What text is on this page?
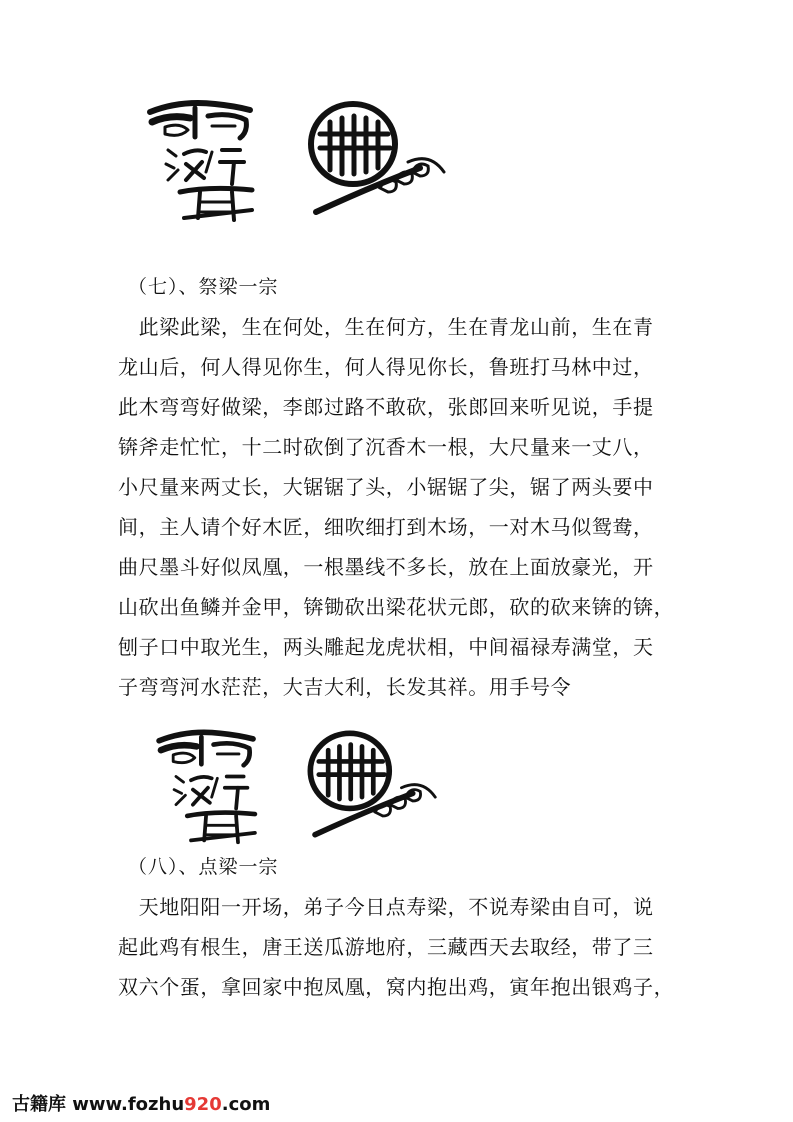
（七）、祭梁一宗
　此梁此梁，生在何处，生在何方，生在青龙山前，生在青
龙山后，何人得见你生，何人得见你长，鲁班打马林中过，
此木弯弯好做梁，李郎过路不敢砍，张郎回来听见说，手提
锛斧走忙忙，十二时砍倒了沉香木一根，大尺量来一丈八，
小尺量来两丈长，大锯锯了头，小锯锯了尖，锯了两头要中
间，主人请个好木匠，细吹细打到木场，一对木马似鸳鸯，
曲尺墨斗好似凤凰，一根墨线不多长，放在上面放豪光，开
山砍出鱼鳞并金甲，锛锄砍出梁花状元郎，砍的砍来锛的锛，
刨子口中取光生，两头雕起龙虎状相，中间福禄寿满堂，天
子弯弯河水茫茫，大吉大利，长发其祥。用手号令
（八）、点梁一宗
　天地阳阳一开场，弟子今日点寿梁，不说寿梁由自可，说
起此鸡有根生，唐王送瓜游地府，三藏西天去取经，带了三
双六个蛋，拿回家中抱凤凰，窝内抱出鸡，寅年抱出银鸡子，
古籍库 www.fozhu920.com
